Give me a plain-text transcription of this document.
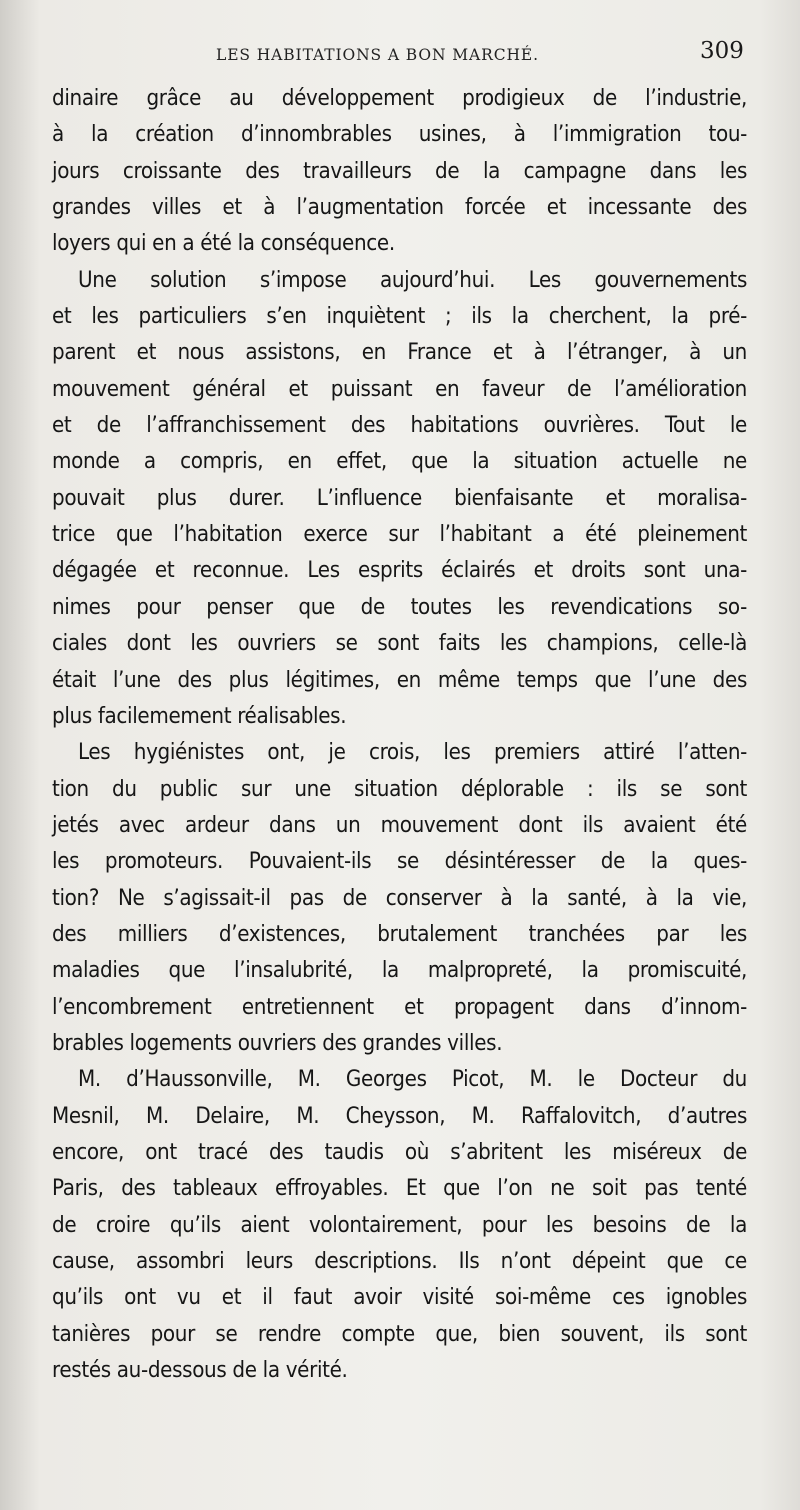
LES HABITATIONS A BON MARCHÉ.	309
dinaire grâce au développement prodigieux de l’industrie,
à la création d’innombrables usines, à l’immigration tou-
jours croissante des travailleurs de la campagne dans les
grandes villes et à l’augmentation forcée et incessante des
loyers qui en a été la conséquence.
Une solution s’impose aujourd’hui. Les gouvernements
et les particuliers s’en inquiètent ; ils la cherchent, la pré-
parent et nous assistons, en France et à l’étranger, à un
mouvement général et puissant en faveur de l’amélioration
et de l’affranchissement des habitations ouvrières. Tout le
monde a compris, en effet, que la situation actuelle ne
pouvait plus durer. L’influence bienfaisante et moralisa-
trice que l’habitation exerce sur l’habitant a été pleinement
dégagée et reconnue. Les esprits éclairés et droits sont una-
nimes pour penser que de toutes les revendications so-
ciales dont les ouvriers se sont faits les champions, celle-là
était l’une des plus légitimes, en même temps que l’une des
plus facilemement réalisables.
Les hygiénistes ont, je crois, les premiers attiré l’atten-
tion du public sur une situation déplorable : ils se sont
jetés avec ardeur dans un mouvement dont ils avaient été
les promoteurs. Pouvaient-ils se désintéresser de la ques-
tion? Ne s’agissait-il pas de conserver à la santé, à la vie,
des milliers d’existences, brutalement tranchées par les
maladies que l’insalubrité, la malpropreté, la promiscuité,
l’encombrement entretiennent et propagent dans d’innom-
brables logements ouvriers des grandes villes.
M. d’Haussonville, M. Georges Picot, M. le Docteur du
Mesnil, M. Delaire, M. Cheysson, M. Raffalovitch, d’autres
encore, ont tracé des taudis où s’abritent les miséreux de
Paris, des tableaux effroyables. Et que l’on ne soit pas tenté
de croire qu’ils aient volontairement, pour les besoins de la
cause, assombri leurs descriptions. Ils n’ont dépeint que ce
qu’ils ont vu et il faut avoir visité soi-même ces ignobles
tanières pour se rendre compte que, bien souvent, ils sont
restés au-dessous de la vérité.
